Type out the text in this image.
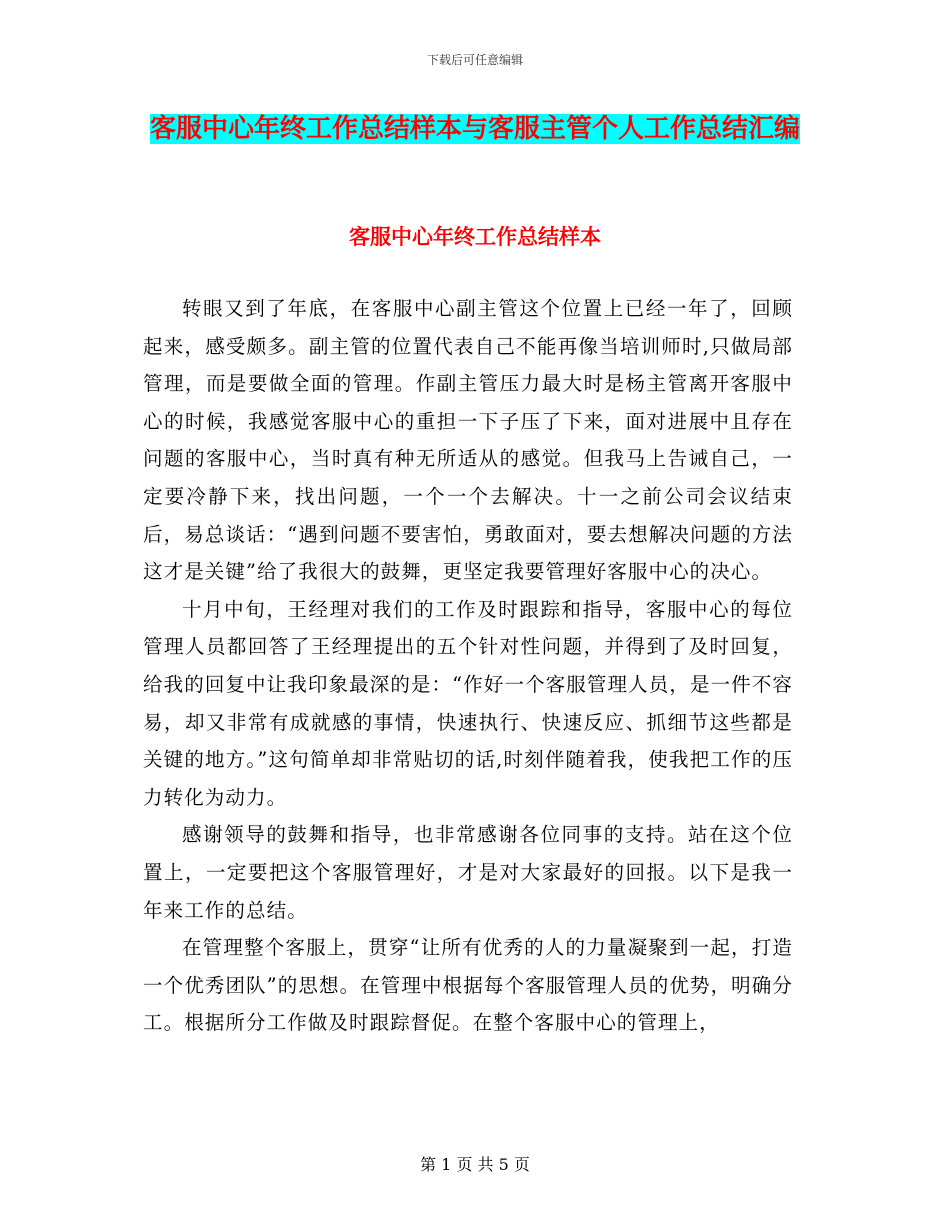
下载后可任意编辑
客服中心年终工作总结样本与客服主管个人工作总结汇编
客服中心年终工作总结样本

转眼又到了年底，在客服中心副主管这个位置上已经一年了，回顾起来，感受颇多。副主管的位置代表自己不能再像当培训师时,只做局部管理，而是要做全面的管理。作副主管压力最大时是杨主管离开客服中心的时候，我感觉客服中心的重担一下子压了下来，面对进展中且存在问题的客服中心，当时真有种无所适从的感觉。但我马上告诫自己，一定要冷静下来，找出问题，一个一个去解决。十一之前公司会议结束后，易总谈话：“遇到问题不要害怕，勇敢面对，要去想解决问题的方法这才是关键”给了我很大的鼓舞，更坚定我要管理好客服中心的决心。

十月中旬，王经理对我们的工作及时跟踪和指导，客服中心的每位管理人员都回答了王经理提出的五个针对性问题，并得到了及时回复，给我的回复中让我印象最深的是：“作好一个客服管理人员，是一件不容易，却又非常有成就感的事情，快速执行、快速反应、抓细节这些都是关键的地方。”这句简单却非常贴切的话,时刻伴随着我，使我把工作的压力转化为动力。

感谢领导的鼓舞和指导，也非常感谢各位同事的支持。站在这个位置上，一定要把这个客服管理好，才是对大家最好的回报。以下是我一年来工作的总结。

在管理整个客服上，贯穿“让所有优秀的人的力量凝聚到一起，打造一个优秀团队”的思想。在管理中根据每个客服管理人员的优势，明确分工。根据所分工作做及时跟踪督促。在整个客服中心的管理上，

第 1 页 共 5 页
